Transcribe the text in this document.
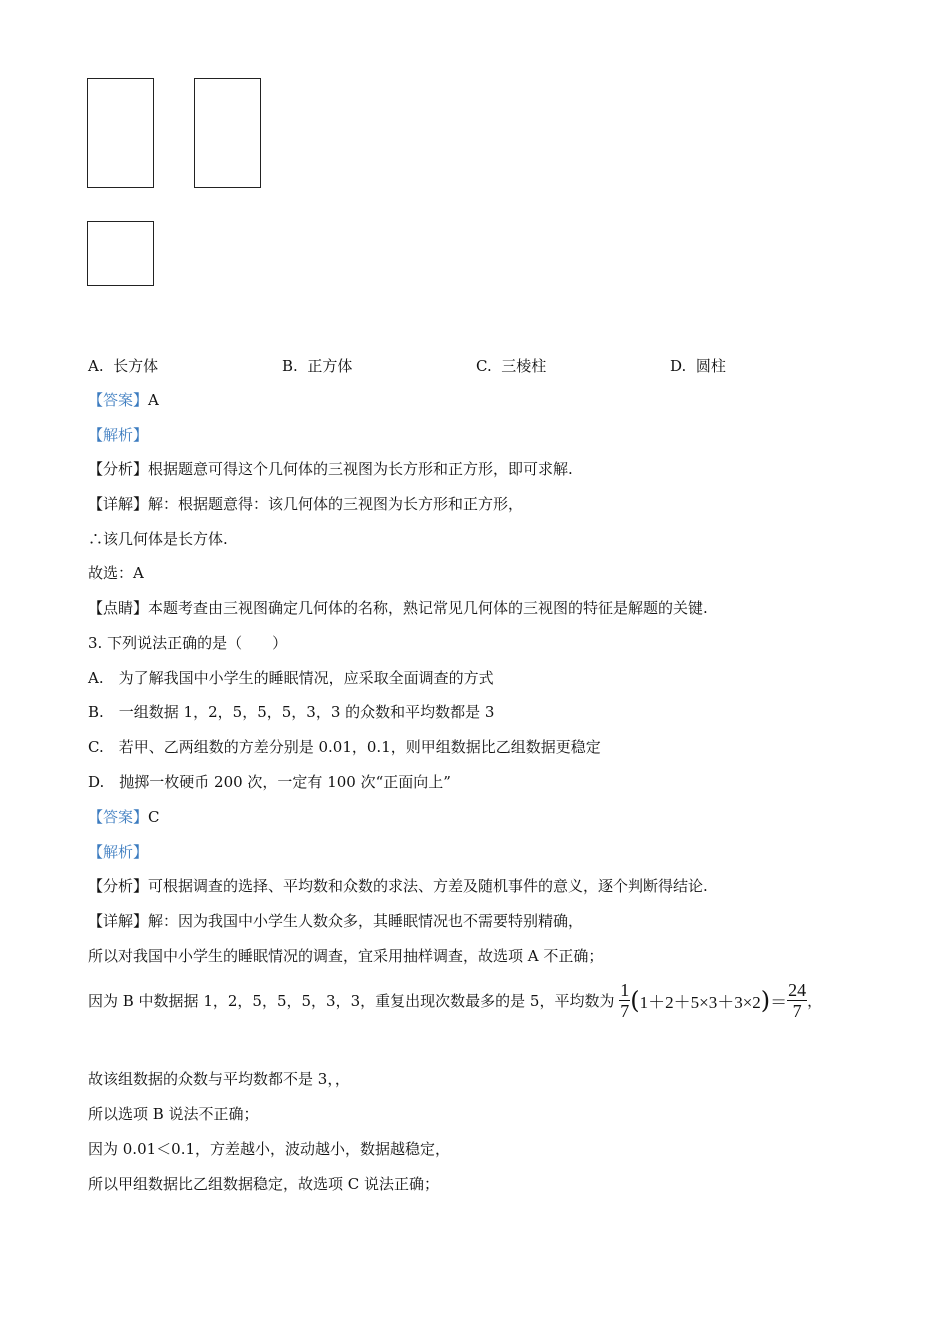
A. 长方体	B. 正方体	C. 三棱柱	D. 圆柱
【答案】A
【解析】
【分析】根据题意可得这个几何体的三视图为长方形和正方形，即可求解.
【详解】解：根据题意得：该几何体的三视图为长方形和正方形，
∴该几何体是长方体.
故选：A
【点睛】本题考查由三视图确定几何体的名称，熟记常见几何体的三视图的特征是解题的关键.
3. 下列说法正确的是（　　）
A.　为了解我国中小学生的睡眠情况，应采取全面调查的方式
B.　一组数据 1，2，5，5，5，3，3 的众数和平均数都是 3
C.　若甲、乙两组数的方差分别是 0.01，0.1，则甲组数据比乙组数据更稳定
D.　抛掷一枚硬币 200 次，一定有 100 次“正面向上”
【答案】C
【解析】
【分析】可根据调查的选择、平均数和众数的求法、方差及随机事件的意义，逐个判断得结论.
【详解】解：因为我国中小学生人数众多，其睡眠情况也不需要特别精确，
所以对我国中小学生的睡眠情况的调查，宜采用抽样调查，故选项 A 不正确；
因为 B 中数据据 1，2，5，5，5，3，3，重复出现次数最多的是 5，平均数为 $\frac{1}{7} (1+2+5\times 3+3\times 2)= \frac{24}{7}$ ，
故该组数据的众数与平均数都不是 3，，
所以选项 B 说法不正确；
因为 0.01＜0.1，方差越小，波动越小，数据越稳定，
所以甲组数据比乙组数据稳定，故选项 C 说法正确；
